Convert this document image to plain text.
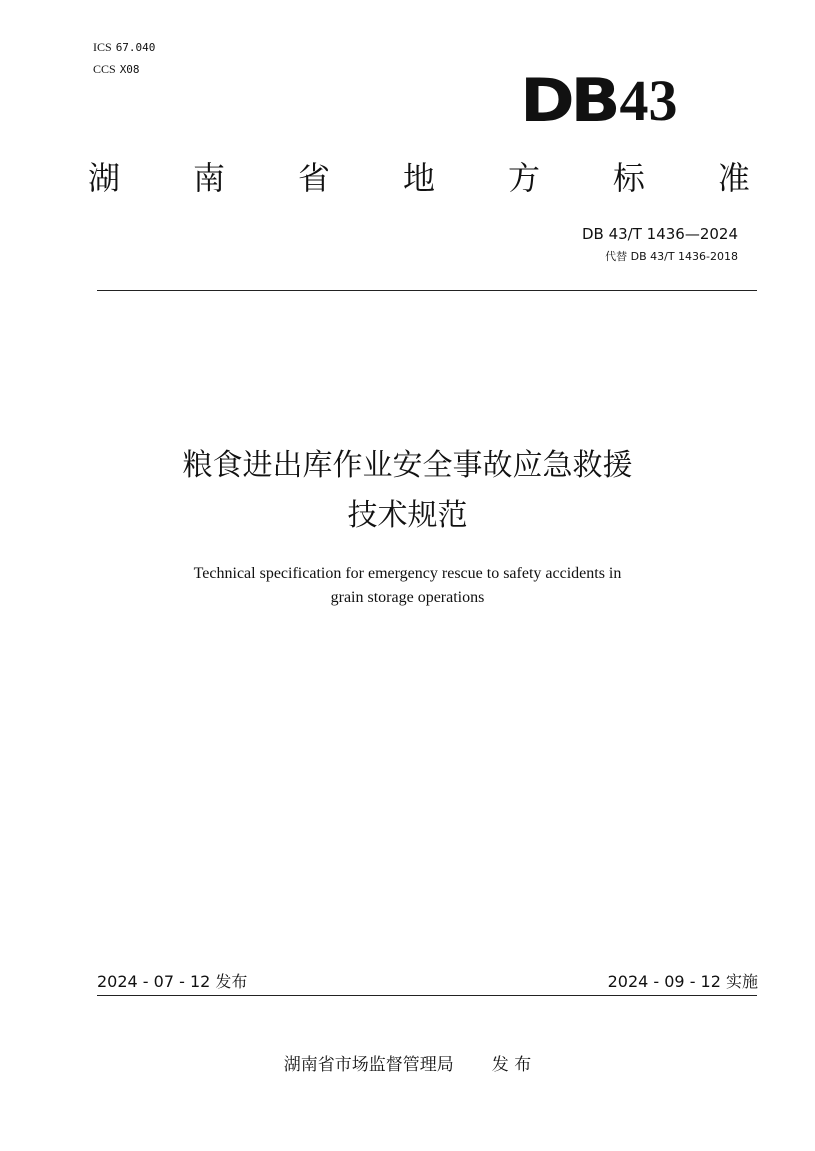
ICS 67.040
CCS X08	DB 43
湖 南 省 地 方 标 准
DB 43/T 1436—2024
代替 DB 43/T 1436-2018
粮食进出库作业安全事故应急救援
技术规范
Technical specification for emergency rescue to safety accidents in
grain storage operations
2024 - 07 - 12 发布	2024 - 09 - 12 实施
湖南省市场监督管理局 发 布
